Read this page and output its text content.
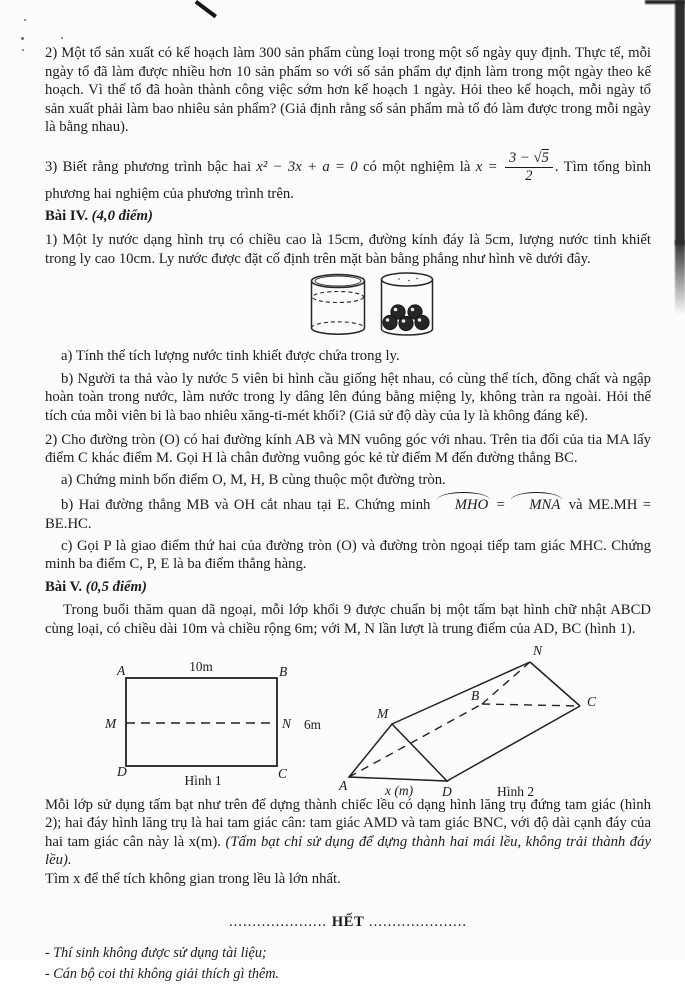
2) Một tổ sản xuất có kế hoạch làm 300 sản phẩm cùng loại trong một số ngày quy định. Thực tế, mỗi ngày tổ đã làm được nhiều hơn 10 sản phẩm so với số sản phẩm dự định làm trong một ngày theo kế hoạch. Vì thế tổ đã hoàn thành công việc sớm hơn kế hoạch 1 ngày. Hỏi theo kế hoạch, mỗi ngày tổ sản xuất phải làm bao nhiêu sản phẩm? (Giả định rằng số sản phẩm mà tổ đó làm được trong mỗi ngày là bằng nhau).

3) Biết rằng phương trình bậc hai x² − 3x + a = 0 có một nghiệm là $x = \frac{3 - √5}{2}$ . Tìm tổng bình phương hai nghiệm của phương trình trên.

Bài IV. (4,0 điểm)

1) Một ly nước dạng hình trụ có chiều cao là 15cm, đường kính đáy là 5cm, lượng nước tinh khiết trong ly cao 10cm. Ly nước được đặt cố định trên mặt bàn bằng phẳng như hình vẽ dưới đây.

a) Tính thể tích lượng nước tinh khiết được chứa trong ly.

b) Người ta thả vào ly nước 5 viên bi hình cầu giống hệt nhau, có cùng thể tích, đồng chất và ngập hoàn toàn trong nước, làm nước trong ly dâng lên đúng bằng miệng ly, không tràn ra ngoài. Hỏi thể tích của mỗi viên bi là bao nhiêu xăng-ti-mét khối? (Giả sử độ dày của ly là không đáng kể).

2) Cho đường tròn (O) có hai đường kính AB và MN vuông góc với nhau. Trên tia đối của tia MA lấy điểm C khác điểm M. Gọi H là chân đường vuông góc kẻ từ điểm M đến đường thẳng BC.

a) Chứng minh bốn điểm O, M, H, B cùng thuộc một đường tròn.

b) Hai đường thẳng MB và OH cắt nhau tại E. Chứng minh MHO = MNA và ME.MH = BE.HC.

c) Gọi P là giao điểm thứ hai của đường tròn (O) và đường tròn ngoại tiếp tam giác MHC. Chứng minh ba điểm C, P, E là ba điểm thẳng hàng.

Bài V. (0,5 điểm)

Trong buổi thăm quan dã ngoại, mỗi lớp khối 9 được chuẩn bị một tấm bạt hình chữ nhật ABCD cùng loại, có chiều dài 10m và chiều rộng 6m; với M, N lần lượt là trung điểm của AD, BC (hình 1).

A	B
M	N
D	C
10m
6m
Hình 1	A
M
N
B	C
D
x (m)	Hình 2

Mỗi lớp sử dụng tấm bạt như trên để dựng thành chiếc lều có dạng hình lăng trụ đứng tam giác (hình 2); hai đáy hình lăng trụ là hai tam giác cân: tam giác AMD và tam giác BNC, với độ dài cạnh đáy của hai tam giác cân này là x(m). (Tấm bạt chỉ sử dụng để dựng thành hai mái lều, không trải thành đáy lều).

Tìm x để thể tích không gian trong lều là lớn nhất.

..................... HẾT .....................

- Thí sinh không được sử dụng tài liệu;
- Cán bộ coi thi không giải thích gì thêm.
